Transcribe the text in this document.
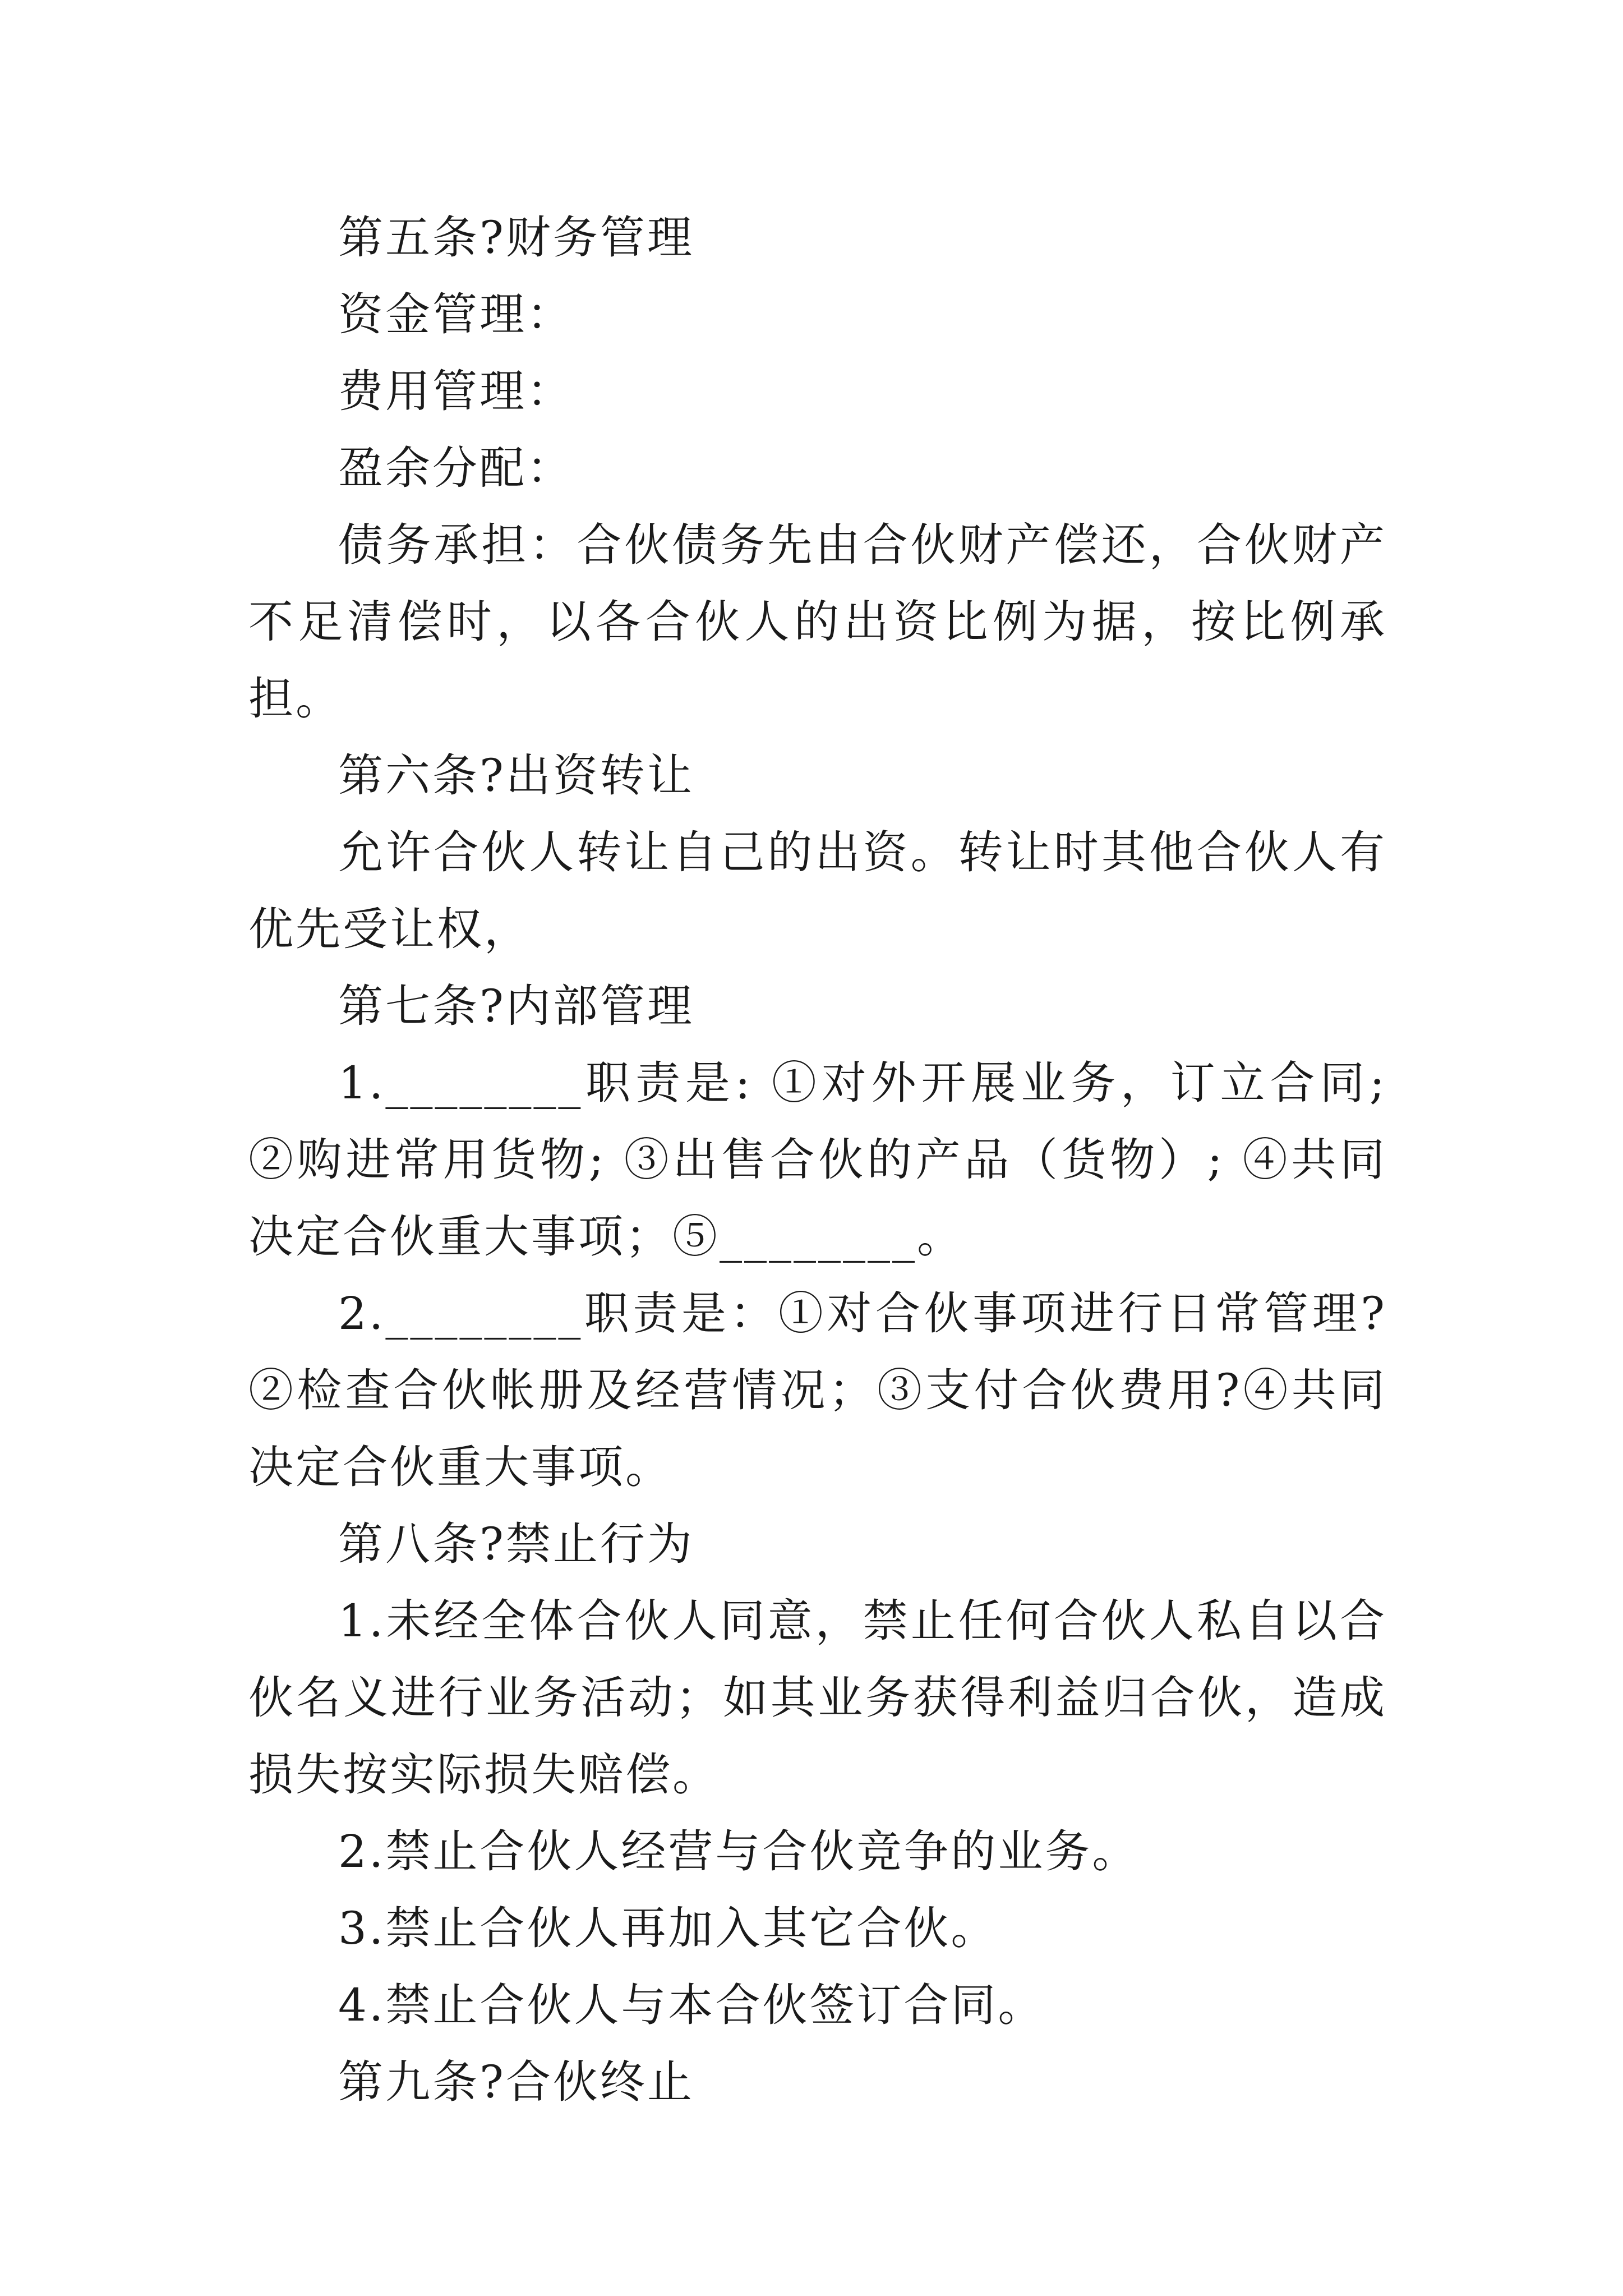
第五条?财务管理

资金管理：

费用管理：

盈余分配：

债务承担：合伙债务先由合伙财产偿还，合伙财产不足清偿时，以各合伙人的出资比例为据，按比例承担。

第六条?出资转让

允许合伙人转让自己的出资。转让时其他合伙人有优先受让权，

第七条?内部管理

1.________职责是: ①对外开展业务，订立合同; ②购进常用货物; ③出售合伙的产品（货物）; ④共同决定合伙重大事项；⑤________。

2.________职责是：①对合伙事项进行日常管理?②检查合伙帐册及经营情况；③支付合伙费用?④共同决定合伙重大事项。

第八条?禁止行为

1.未经全体合伙人同意，禁止任何合伙人私自以合伙名义进行业务活动；如其业务获得利益归合伙，造成损失按实际损失赔偿。

2.禁止合伙人经营与合伙竞争的业务。

3.禁止合伙人再加入其它合伙。

4.禁止合伙人与本合伙签订合同。

第九条?合伙终止
